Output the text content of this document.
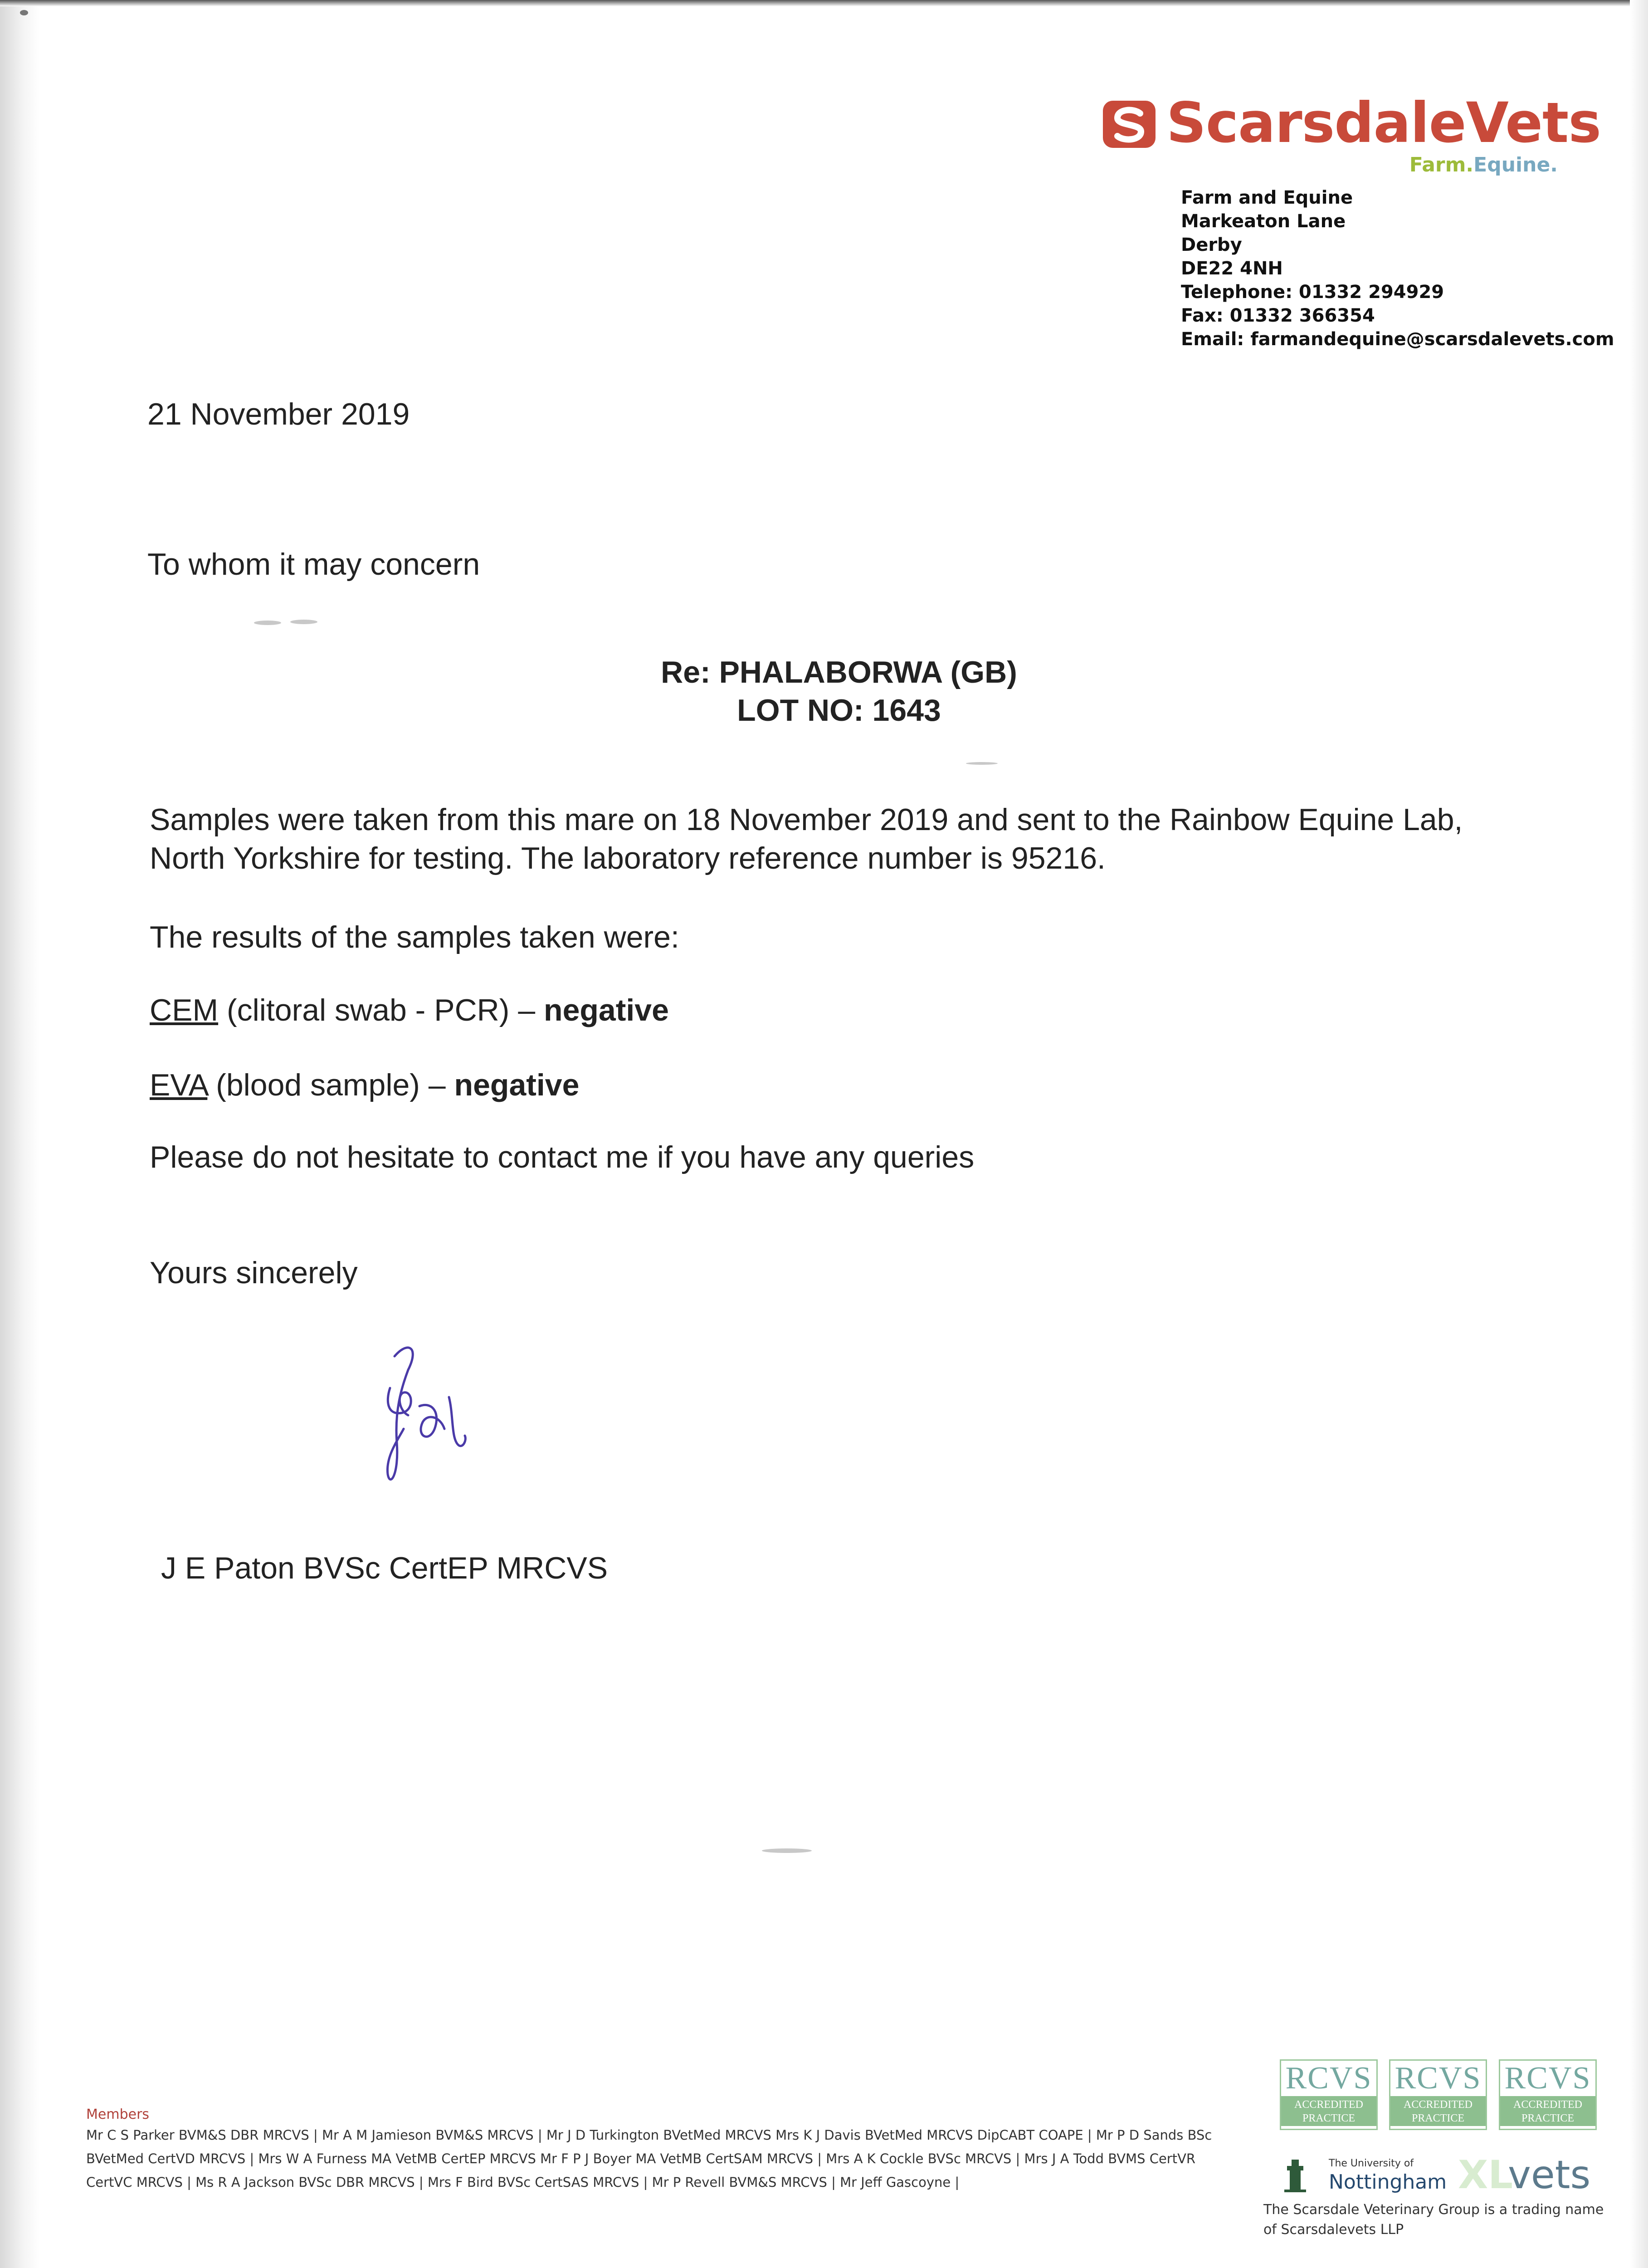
ScarsdaleVets
Farm.Equine.
Farm and Equine
Markeaton Lane
Derby
DE22 4NH
Telephone: 01332 294929
Fax: 01332 366354
Email: farmandequine@scarsdalevets.com
21 November 2019
To whom it may concern
Re: PHALABORWA (GB)
LOT NO: 1643
Samples were taken from this mare on 18 November 2019 and sent to the Rainbow Equine Lab,
North Yorkshire for testing. The laboratory reference number is 95216.
The results of the samples taken were:
CEM (clitoral swab - PCR) – negative
EVA (blood sample) – negative
Please do not hesitate to contact me if you have any queries
Yours sincerely
J E Paton BVSc CertEP MRCVS
Members
Mr C S Parker BVM&S DBR MRCVS | Mr A M Jamieson BVM&S MRCVS | Mr J D Turkington BVetMed MRCVS Mrs K J Davis BVetMed MRCVS DipCABT COAPE | Mr P D Sands BSc
BVetMed CertVD MRCVS | Mrs W A Furness MA VetMB CertEP MRCVS Mr F P J Boyer MA VetMB CertSAM MRCVS | Mrs A K Cockle BVSc MRCVS | Mrs J A Todd BVMS CertVR
CertVC MRCVS | Ms R A Jackson BVSc DBR MRCVS | Mrs F Bird BVSc CertSAS MRCVS | Mr P Revell BVM&S MRCVS | Mr Jeff Gascoyne |
RCVS
ACCREDITED PRACTICE
RCVS
ACCREDITED PRACTICE
RCVS
ACCREDITED PRACTICE
The University of
Nottingham XL
vets
The Scarsdale Veterinary Group is a trading name
of Scarsdalevets LLP
